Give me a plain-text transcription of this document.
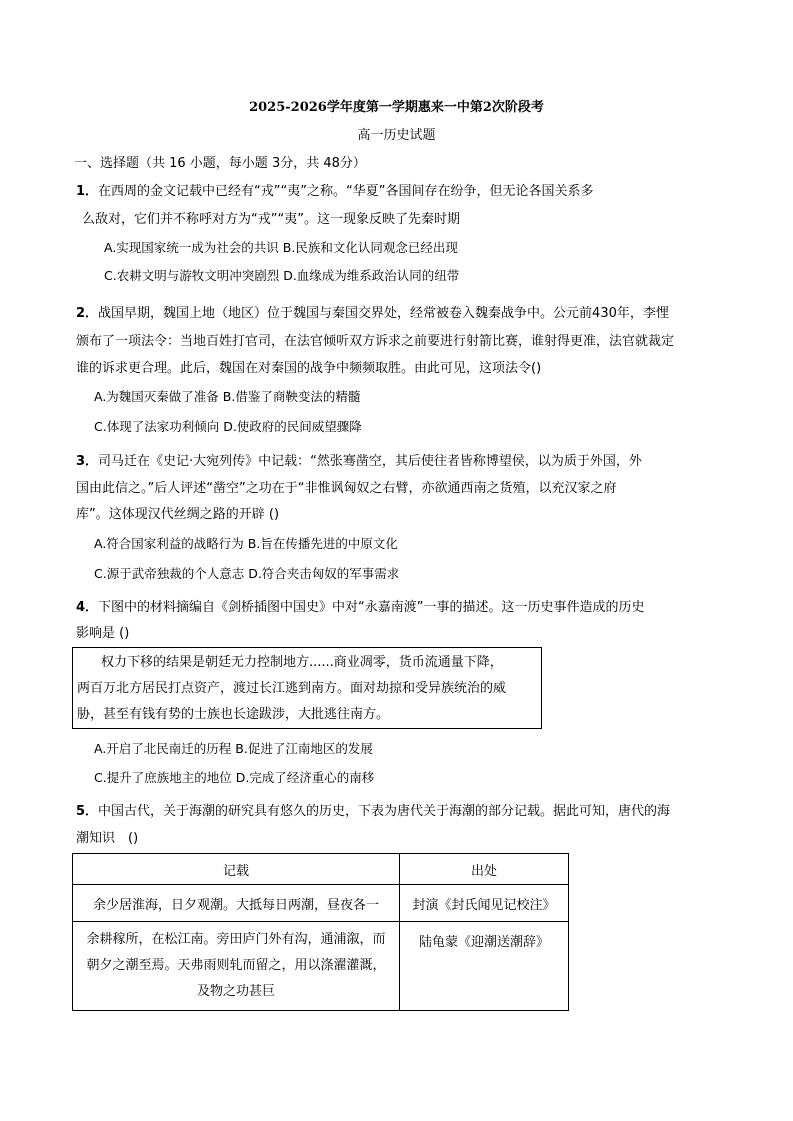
2025-2026学年度第一学期惠来一中第2次阶段考
高一历史试题
一、选择题（共 16 小题，每小题 3分，共 48分）
1．在西周的金文记载中已经有“戎”“夷”之称。“华夏”各国间存在纷争，但无论各国关系多
么敌对，它们并不称呼对方为“戎”“夷”。这一现象反映了先秦时期
A.实现国家统一成为社会的共识 B.民族和文化认同观念已经出现
C.农耕文明与游牧文明冲突剧烈 D.血缘成为维系政治认同的纽带
2．战国早期，魏国上地（地区）位于魏国与秦国交界处，经常被卷入魏秦战争中。公元前430年，李悝
颁布了一项法令：当地百姓打官司，在法官倾听双方诉求之前要进行射箭比赛，谁射得更准，法官就裁定
谁的诉求更合理。此后，魏国在对秦国的战争中频频取胜。由此可见，这项法令()
A.为魏国灭秦做了准备 B.借鉴了商鞅变法的精髓
C.体现了法家功利倾向 D.使政府的民间威望骤降
3．司马迁在《史记·大宛列传》中记载：“然张骞凿空，其后使往者皆称博望侯，以为质于外国，外
国由此信之。”后人评述“凿空”之功在于“非惟讽匈奴之右臂，亦欲通西南之货殖，以充汉家之府
库”。这体现汉代丝绸之路的开辟 ()
A.符合国家利益的战略行为 B.旨在传播先进的中原文化
C.源于武帝独裁的个人意志 D.符合夹击匈奴的军事需求
4．下图中的材料摘编自《剑桥插图中国史》中对“永嘉南渡”一事的描述。这一历史事件造成的历史
影响是 ()

权力下移的结果是朝廷无力控制地方......商业凋零，货币流通量下降，

两百万北方居民打点资产，渡过长江逃到南方。面对劫掠和受异族统治的威

胁，甚至有钱有势的士族也长途跋涉，大批逃往南方。

A.开启了北民南迁的历程 B.促进了江南地区的发展
C.提升了庶族地主的地位 D.完成了经济重心的南移
5．中国古代，关于海潮的研究具有悠久的历史，下表为唐代关于海潮的部分记载。据此可知，唐代的海
潮知识　()
记载	出处
余少居淮海，日夕观潮。大抵每日两潮，昼夜各一	封演《封氏闻见记校注》

余耕稼所，在松江南。旁田庐门外有沟，通浦溆，而
朝夕之潮至焉。天弗雨则轧而留之，用以涤濯灌溉，
及物之功甚巨	陆龟蒙《迎潮送潮辞》
